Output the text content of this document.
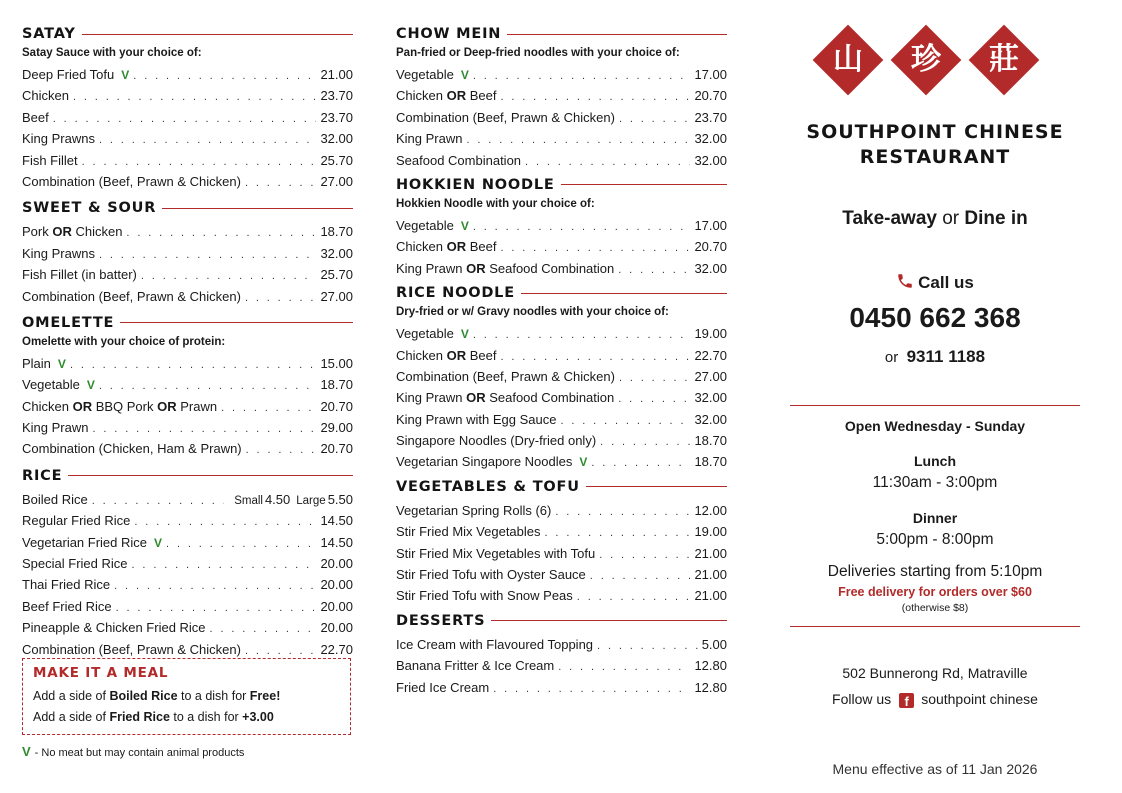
SATAY
Satay Sauce with your choice of:
Deep Fried Tofu V . . .	21.00
Chicken . . .	23.70
Beef . . .	23.70
King Prawns . . .	32.00
Fish Fillet . . .	25.70
Combination (Beef, Prawn & Chicken) . . .	27.00
SWEET & SOUR
Pork OR Chicken . . .	18.70
King Prawns . . .	32.00
Fish Fillet (in batter) . . .	25.70
Combination (Beef, Prawn & Chicken) . . .	27.00
OMELETTE
Omelette with your choice of protein:
Plain V . . .	15.00
Vegetable V . . .	18.70
Chicken OR BBQ Pork OR Prawn . . .	20.70
King Prawn . . .	29.00
Combination (Chicken, Ham & Prawn) . . .	20.70
RICE
Boiled Rice . . .	Small 4.50 Large 5.50
Regular Fried Rice . . .	14.50
Vegetarian Fried Rice V . . .	14.50
Special Fried Rice . . .	20.00
Thai Fried Rice . . .	20.00
Beef Fried Rice . . .	20.00
Pineapple & Chicken Fried Rice . . .	20.00
Combination (Beef, Prawn & Chicken) . . .	22.70
CHOW MEIN
Pan-fried or Deep-fried noodles with your choice of:
Vegetable V . . .	17.00
Chicken OR Beef . . .	20.70
Combination (Beef, Prawn & Chicken) . . .	23.70
King Prawn . . .	32.00
Seafood Combination . . .	32.00
HOKKIEN NOODLE
Hokkien Noodle with your choice of:
Vegetable V . . .	17.00
Chicken OR Beef . . .	20.70
King Prawn OR Seafood Combination . . .	32.00
RICE NOODLE
Dry-fried or w/ Gravy noodles with your choice of:
Vegetable V . . .	19.00
Chicken OR Beef . . .	22.70
Combination (Beef, Prawn & Chicken) . . .	27.00
King Prawn OR Seafood Combination . . .	32.00
King Prawn with Egg Sauce . . .	32.00
Singapore Noodles (Dry-fried only) . . .	18.70
Vegetarian Singapore Noodles V . . .	18.70
VEGETABLES & TOFU
Vegetarian Spring Rolls (6) . . .	12.00
Stir Fried Mix Vegetables . . .	19.00
Stir Fried Mix Vegetables with Tofu . . .	21.00
Stir Fried Tofu with Oyster Sauce . . .	21.00
Stir Fried Tofu with Snow Peas . . .	21.00
DESSERTS
Ice Cream with Flavoured Topping . . .	5.00
Banana Fritter & Ice Cream . . .	12.80
Fried Ice Cream . . .	12.80
MAKE IT A MEAL
Add a side of Boiled Rice to a dish for Free!
Add a side of Fried Rice to a dish for +3.00
V - No meat but may contain animal products
山	珍	莊
SOUTHPOINT CHINESE
RESTAURANT
Take-away or Dine in
Call us
0450 662 368
or 9311 1188
Open Wednesday - Sunday
Lunch
11:30am - 3:00pm
Dinner
5:00pm - 8:00pm
Deliveries starting from 5:10pm
Free delivery for orders over $60
(otherwise $8)
502 Bunnerong Rd, Matraville
Follow us f southpoint chinese
Menu effective as of 11 Jan 2026
